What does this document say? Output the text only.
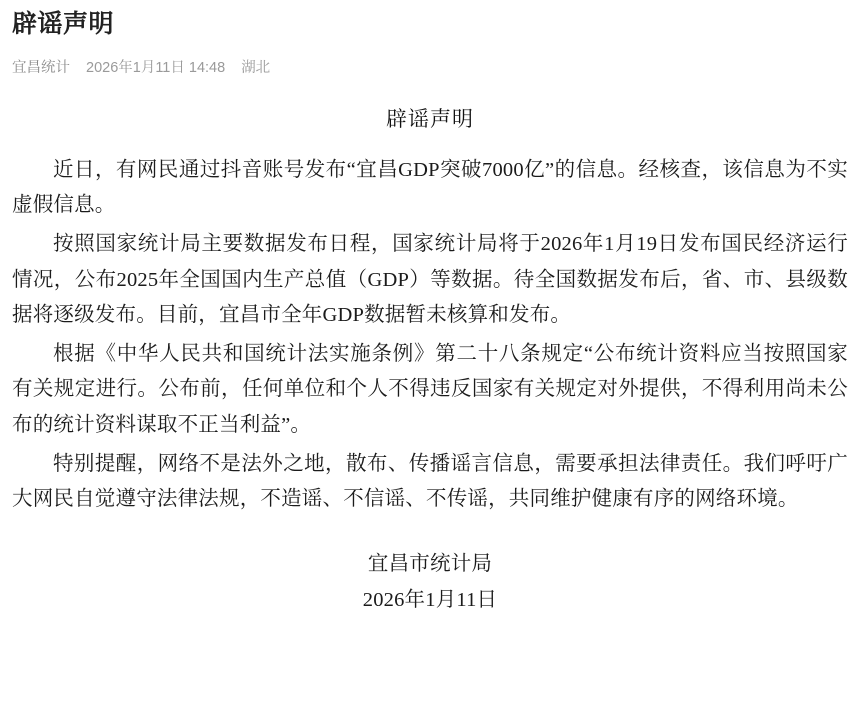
辟谣声明
宜昌统计 2026年1月11日 14:48 湖北
辟谣声明

近日，有网民通过抖音账号发布“宜昌GDP突破7000亿”的信息。经核查，该信息为不实虚假信息。

按照国家统计局主要数据发布日程，国家统计局将于2026年1月19日发布国民经济运行情况，公布2025年全国国内生产总值（GDP）等数据。待全国数据发布后，省、市、县级数据将逐级发布。目前，宜昌市全年GDP数据暂未核算和发布。

根据《中华人民共和国统计法实施条例》第二十八条规定“公布统计资料应当按照国家有关规定进行。公布前，任何单位和个人不得违反国家有关规定对外提供，不得利用尚未公布的统计资料谋取不正当利益”。

特别提醒，网络不是法外之地，散布、传播谣言信息，需要承担法律责任。我们呼吁广大网民自觉遵守法律法规，不造谣、不信谣、不传谣，共同维护健康有序的网络环境。

宜昌市统计局
2026年1月11日
